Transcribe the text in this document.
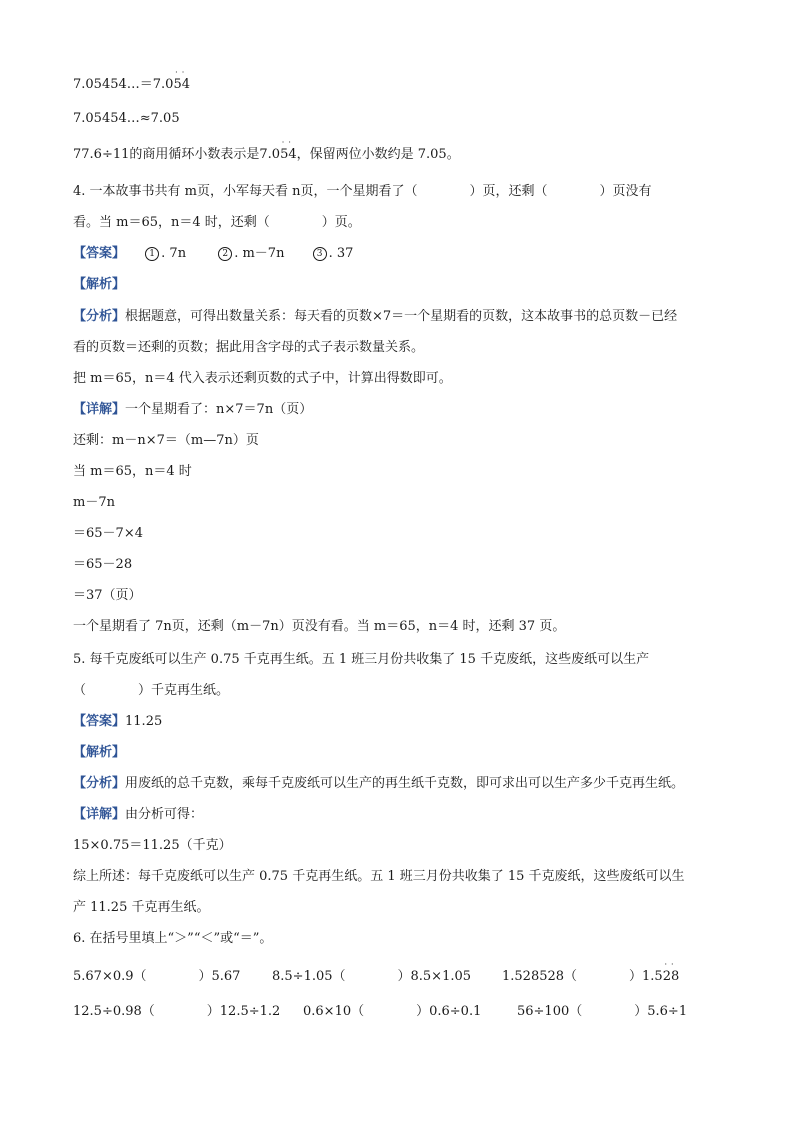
7.05454…＝7.0
··
54
7.05454…≈7.05
77.6÷11的商用循环小数表示是7.0
··
54，保留两位小数约是 7.05。
4. 一本故事书共有 m页，小军每天看 n页，一个星期看了（　　　　）页，还剩（　　　　）页没有
看。当 m＝65，n＝4 时，还剩（　　　　）页。
【答案】	1 . 7n	2 . m－7n	3 . 37
【解析】
【分析】根据题意，可得出数量关系：每天看的页数×7＝一个星期看的页数，这本故事书的总页数－已经
看的页数＝还剩的页数；据此用含字母的式子表示数量关系。
把 m＝65，n＝4 代入表示还剩页数的式子中，计算出得数即可。
【详解】一个星期看了：n×7＝7n（页）
还剩：m－n×7＝（m—7n）页
当 m＝65，n＝4 时
m－7n
＝65－7×4
＝65－28
＝37（页）
一个星期看了 7n页，还剩（m－7n）页没有看。当 m＝65，n＝4 时，还剩 37 页。
5. 每千克废纸可以生产 0.75 千克再生纸。五 1 班三月份共收集了 15 千克废纸，这些废纸可以生产
（　　　　）千克再生纸。
【答案】11.25
【解析】
【分析】用废纸的总千克数，乘每千克废纸可以生产的再生纸千克数，即可求出可以生产多少千克再生纸。
【详解】由分析可得：
15×0.75＝11.25（千克）
综上所述：每千克废纸可以生产 0.75 千克再生纸。五 1 班三月份共收集了 15 千克废纸，这些废纸可以生
产 11.25 千克再生纸。
6. 在括号里填上“＞”“＜”或“＝”。
5.67×0.9（　　　　）5.67 8.5÷1.05（　　　　）8.5×1.05 1.528528（　　　　）1.5
··
28
12.5÷0.98（　　　　）12.5÷1.2 0.6×10（　　　　）0.6÷0.1	56÷100（　　　　）5.6÷1
